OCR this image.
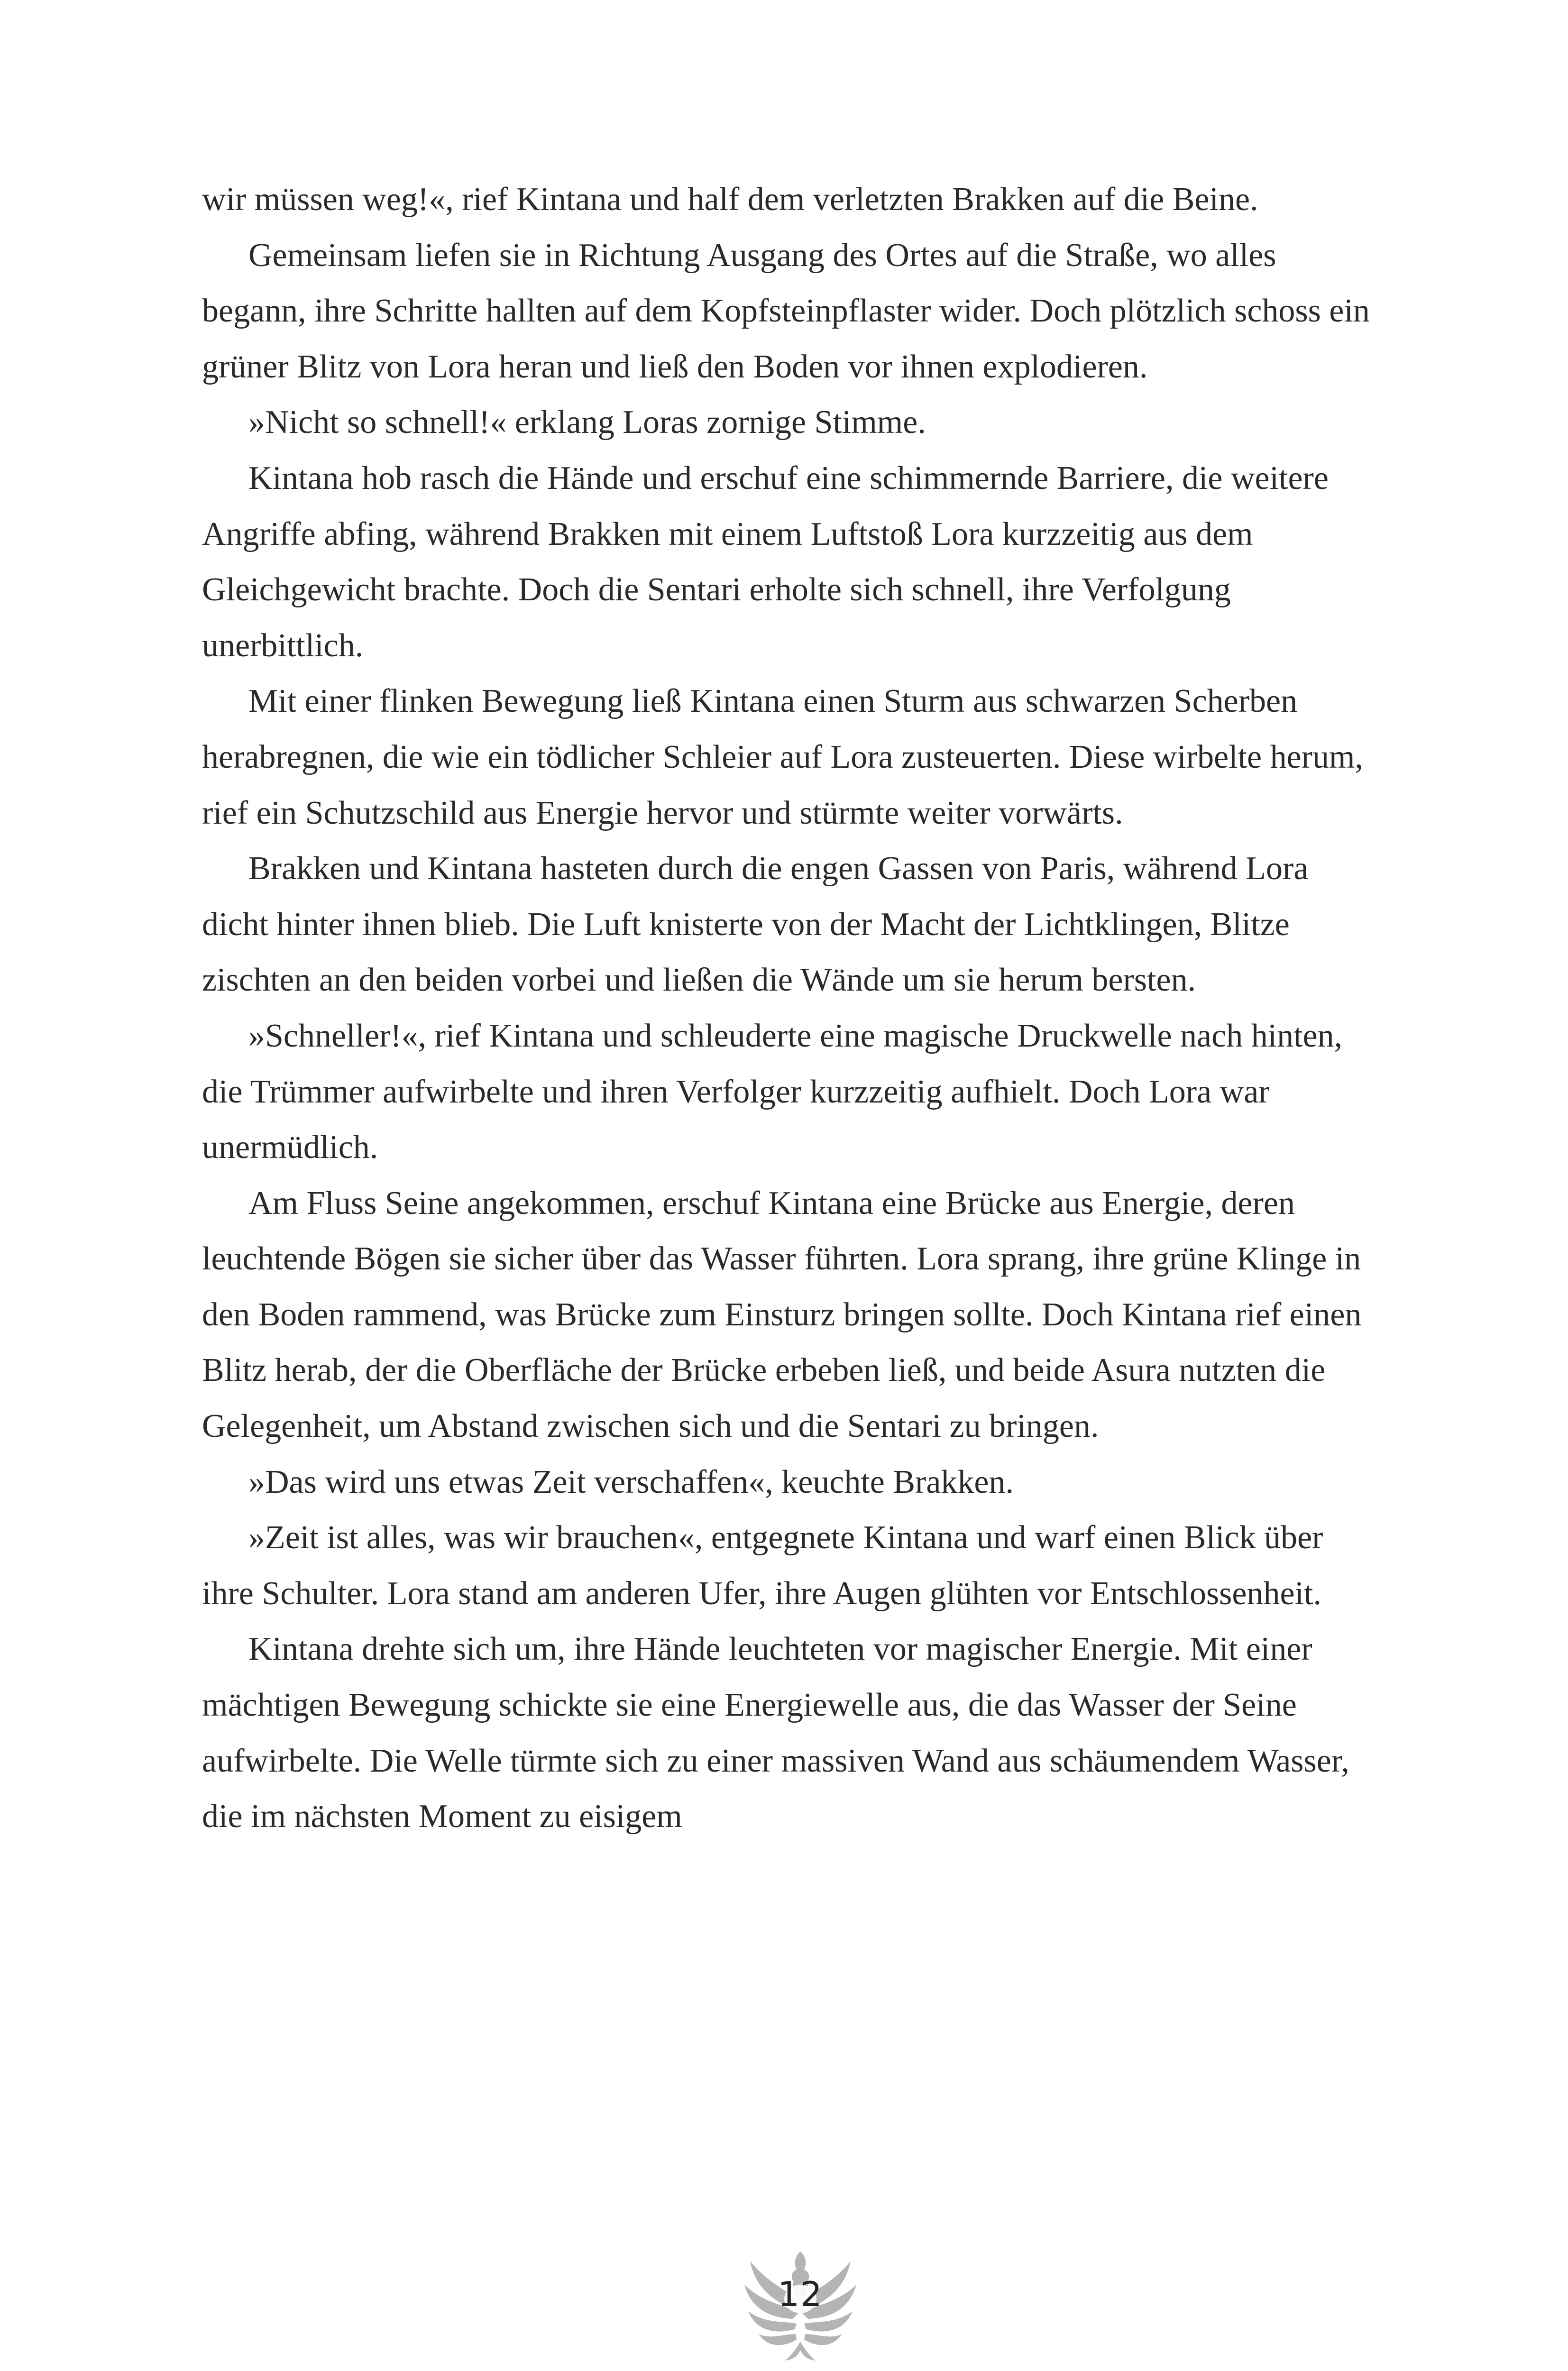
wir müssen weg!«, rief Kintana und half dem verletzten Brakken auf die Beine.

Gemeinsam liefen sie in Richtung Ausgang des Ortes auf die Straße, wo alles begann, ihre Schritte hallten auf dem Kopfsteinpflaster wider. Doch plötzlich schoss ein grüner Blitz von Lora heran und ließ den Boden vor ihnen explodieren.

»Nicht so schnell!« erklang Loras zornige Stimme.

Kintana hob rasch die Hände und erschuf eine schimmernde Barriere, die weitere Angriffe abfing, während Brakken mit einem Luftstoß Lora kurzzeitig aus dem Gleichgewicht brachte. Doch die Sentari erholte sich schnell, ihre Verfolgung unerbittlich.

Mit einer flinken Bewegung ließ Kintana einen Sturm aus schwarzen Scherben herabregnen, die wie ein tödlicher Schleier auf Lora zusteuerten. Diese wirbelte herum, rief ein Schutzschild aus Energie hervor und stürmte weiter vorwärts.

Brakken und Kintana hasteten durch die engen Gassen von Paris, während Lora dicht hinter ihnen blieb. Die Luft knisterte von der Macht der Lichtklingen, Blitze zischten an den beiden vorbei und ließen die Wände um sie herum bersten.

»Schneller!«, rief Kintana und schleuderte eine magische Druckwelle nach hinten, die Trümmer aufwirbelte und ihren Verfolger kurzzeitig aufhielt. Doch Lora war unermüdlich.

Am Fluss Seine angekommen, erschuf Kintana eine Brücke aus Energie, deren leuchtende Bögen sie sicher über das Wasser führten. Lora sprang, ihre grüne Klinge in den Boden rammend, was Brücke zum Einsturz bringen sollte. Doch Kintana rief einen Blitz herab, der die Oberfläche der Brücke erbeben ließ, und beide Asura nutzten die Gelegenheit, um Abstand zwischen sich und die Sentari zu bringen.

»Das wird uns etwas Zeit verschaffen«, keuchte Brakken.

»Zeit ist alles, was wir brauchen«, entgegnete Kintana und warf einen Blick über ihre Schulter. Lora stand am anderen Ufer, ihre Augen glühten vor Entschlossenheit.

Kintana drehte sich um, ihre Hände leuchteten vor magischer Energie. Mit einer mächtigen Bewegung schickte sie eine Energiewelle aus, die das Wasser der Seine aufwirbelte. Die Welle türmte sich zu einer massiven Wand aus schäumendem Wasser, die im nächsten Moment zu eisigem

12
